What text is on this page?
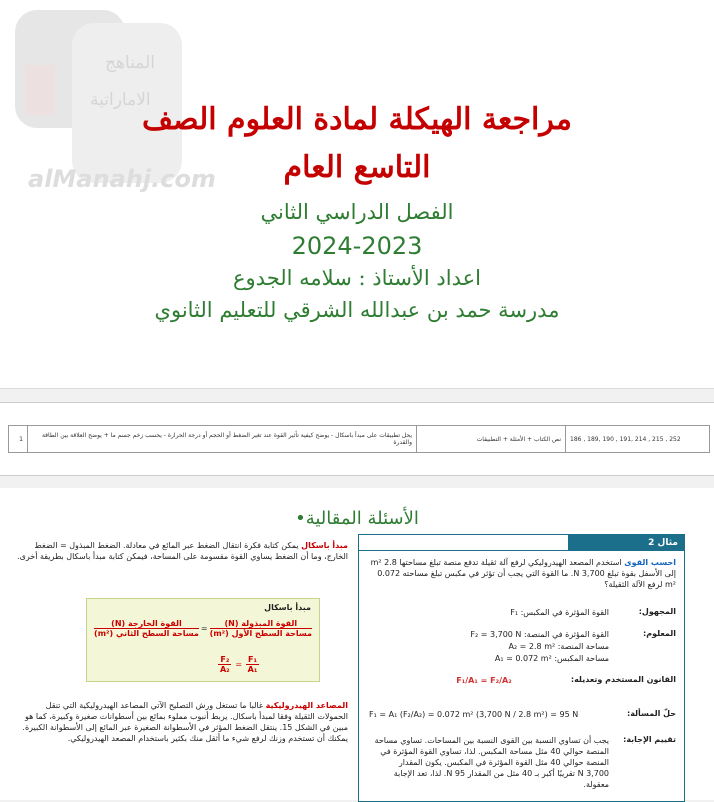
المناهج
الاماراتية
alManahj.com
مراجعة الهيكلة لمادة العلوم الصف
التاسع العام
الفصل الدراسي الثاني
2024-2023
اعداد الأستاذ : سلامه الجدوع
مدرسة حمد بن عبدالله الشرقي للتعليم الثانوي
186 , 189, 190 , 191, 214 , 215 , 252
نص الكتاب + الأمثلة + التطبيقات
يحل تطبيقات على مبدأ باسكال - يوضح كيفية تأثير القوة عند تغير الضغط أو الحجم أو درجة الحرارة - يحسب زخم جسم ما + يوضح العلاقة بين الطاقة والقدرة
1
الأسئلة المقالية•
مبدأ باسكال يمكن كتابة فكرة انتقال الضغط عبر المائع في معادلة. الضغط المبذول = الضغط الخارج، وما أن الضغط يساوي القوة مقسومة على المساحة، فيمكن كتابة مبدأ باسكال بطريقة أخرى.
مبدأ باسكال
القوة المبذولة (N)
مساحة السطح الأول (m²)
=
القوة الخارجة (N)
مساحة السطح الثاني (m²)
$\frac{\text{F₁}}{\text{A₁}}$
=
$\frac{\text{F₂}}{\text{A₂}}$
المصاعد الهيدروليكية غالبا ما تستغل ورش التصليح الآتي المصاعد الهيدروليكية التي تنقل الحمولات الثقيلة وفقا لمبدأ باسكال. يربط أنبوب مملوء بمائع بين أسطوانات صغيرة وكبيرة، كما هو مبين في الشكل 15. ينتقل الضغط المؤثر في الأسطوانة الصغيرة عبر المائع إلى الأسطوانة الكبيرة. يمكنك أن تستخدم وزنك لرفع شيء ما أثقل منك بكثير باستخدام المصعد الهيدروليكي.
مثال 2
احسب القوى استخدم المصعد الهيدروليكي لرفع آلة ثقيلة تدفع منصة تبلغ مساحتها 2.8 m² إلى الأسفل بقوة تبلغ 3,700 N. ما القوة التي يجب أن تؤثر في مكبس تبلغ مساحته 0.072 m² لرفع الآلة الثقيلة؟
المجهول:
القوة المؤثرة في المكبس: F₁
المعلوم:
القوة المؤثرة في المنصة: F₂ = 3,700 N
مساحة المنصة: A₂ = 2.8 m²
مساحة المكبس: A₁ = 0.072 m²
القانون المستخدم وتعديله:
F₁/A₁ = F₂/A₂
حلّ المسألة:
F₁ = A₁ (F₂/A₂) = 0.072 m² (3,700 N / 2.8 m²) = 95 N
تقييم الإجابة:
يجب أن تساوي النسبة بين القوى النسبة بين المساحات. تساوي مساحة المنصة حوالي 40 مثل مساحة المكبس. لذا، تساوي القوة المؤثرة في المنصة حوالي 40 مثل القوة المؤثرة في المكبس. يكون المقدار 3,700 N تقريبًا أكبر بـ 40 مثل من المقدار 95 N. لذا، تعد الإجابة معقولة.
